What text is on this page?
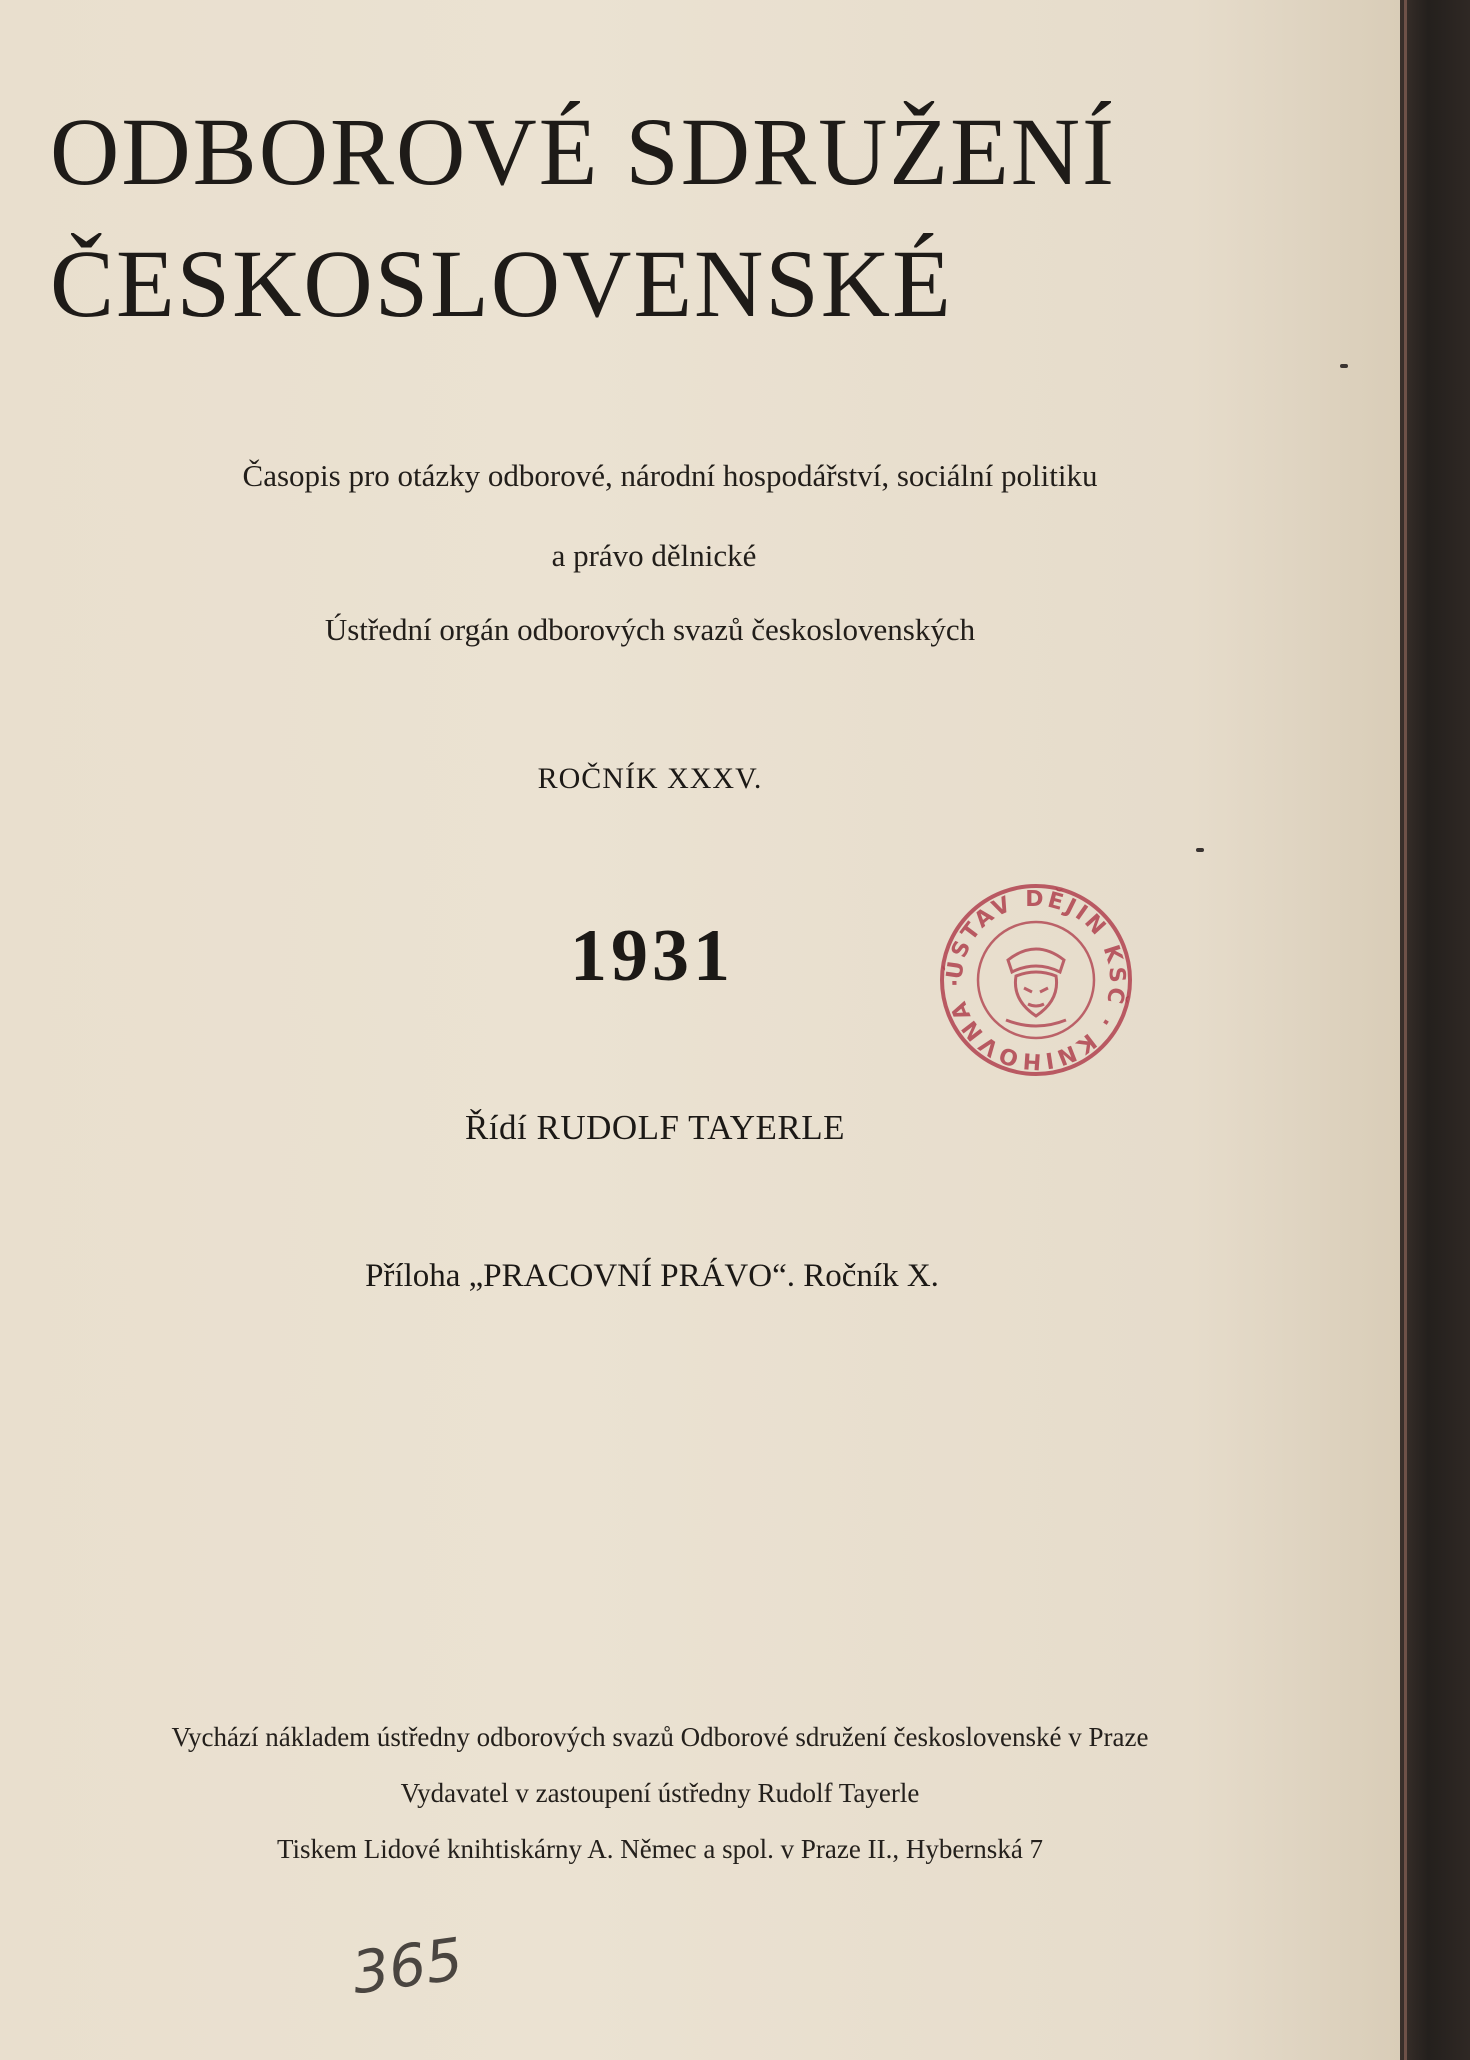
ODBOROVÉ SDRUŽENÍ
ČESKOSLOVENSKÉ
Časopis pro otázky odborové, národní hospodářství, sociální politiku
a právo dělnické
Ústřední orgán odborových svazů československých
ROČNÍK XXXV.
1931
Řídí RUDOLF TAYERLE
Příloha „PRACOVNÍ PRÁVO“. Ročník X.
Vychází nákladem ústředny odborových svazů Odborové sdružení československé v Praze
Vydavatel v zastoupení ústředny Rudolf Tayerle
Tiskem Lidové knihtiskárny A. Němec a spol. v Praze II., Hybernská 7
ÚSTAV DĚJIN KSČ · KNIHOVNA ·
365
